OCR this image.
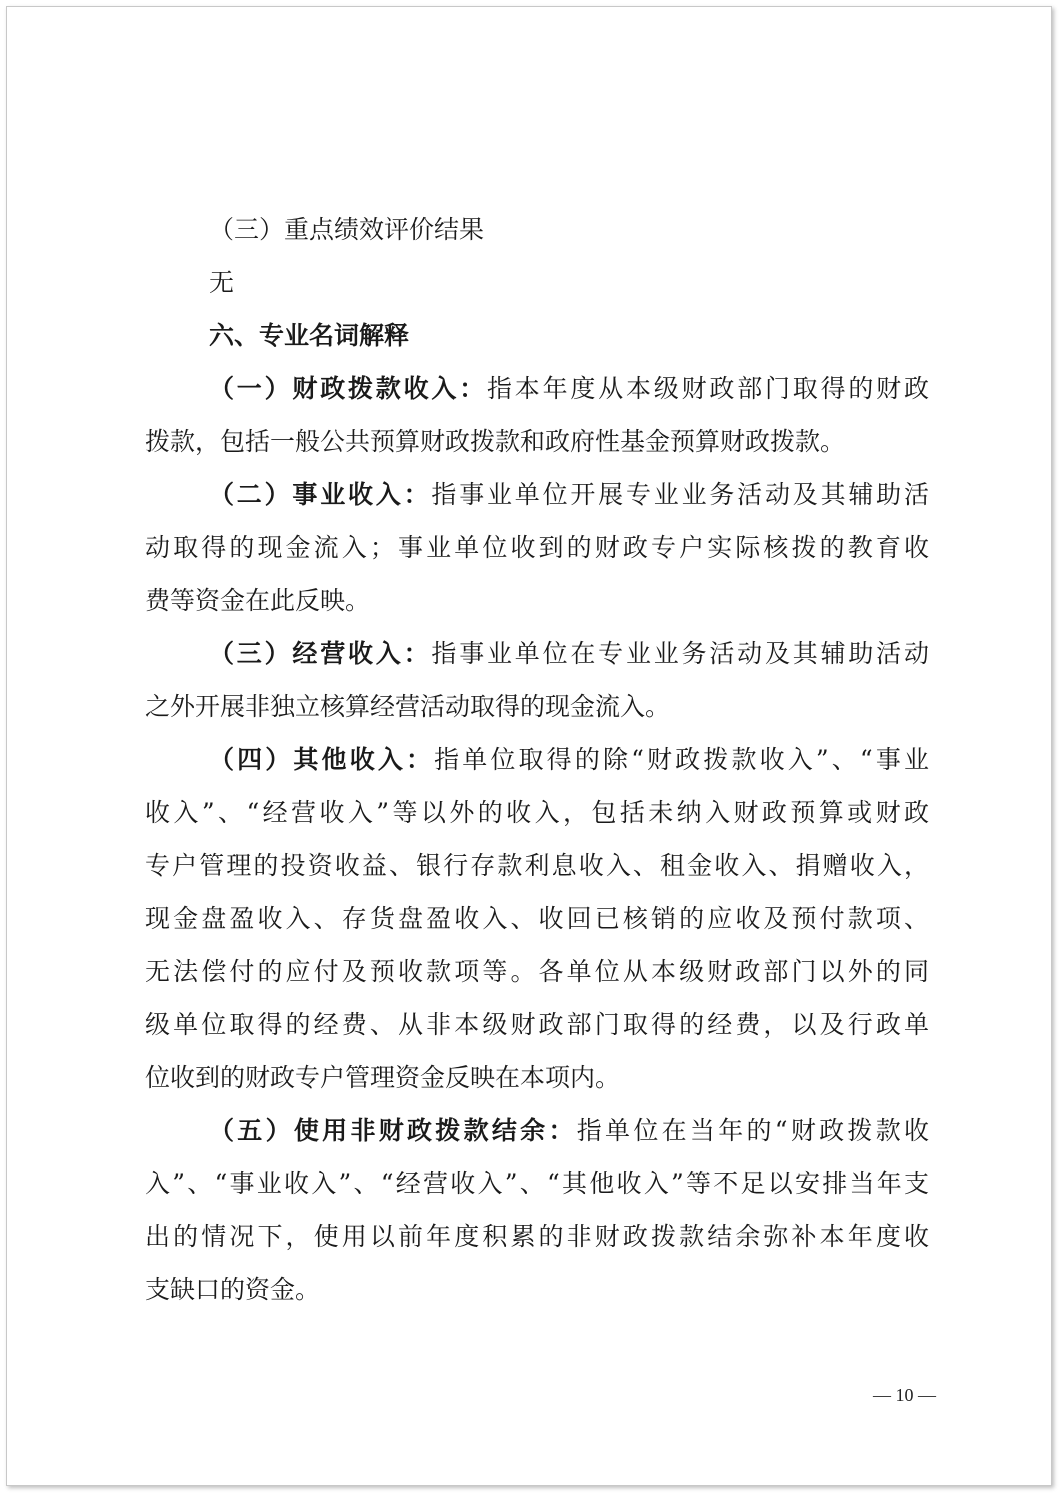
（三）重点绩效评价结果
无
六、专业名词解释
（一）财政拨款收入：指本年度从本级财政部门取得的财政
拨款，包括一般公共预算财政拨款和政府性基金预算财政拨款。
（二）事业收入：指事业单位开展专业业务活动及其辅助活
动取得的现金流入；事业单位收到的财政专户实际核拨的教育收
费等资金在此反映。
（三）经营收入：指事业单位在专业业务活动及其辅助活动
之外开展非独立核算经营活动取得的现金流入。
（四）其他收入：指单位取得的除“财政拨款收入”、“事业
收入”、“经营收入”等以外的收入，包括未纳入财政预算或财政
专户管理的投资收益、银行存款利息收入、租金收入、捐赠收入，
现金盘盈收入、存货盘盈收入、收回已核销的应收及预付款项、
无法偿付的应付及预收款项等。各单位从本级财政部门以外的同
级单位取得的经费、从非本级财政部门取得的经费，以及行政单
位收到的财政专户管理资金反映在本项内。
（五）使用非财政拨款结余：指单位在当年的“财政拨款收
入”、“事业收入”、“经营收入”、“其他收入”等不足以安排当年支
出的情况下，使用以前年度积累的非财政拨款结余弥补本年度收
支缺口的资金。
— 10 —
